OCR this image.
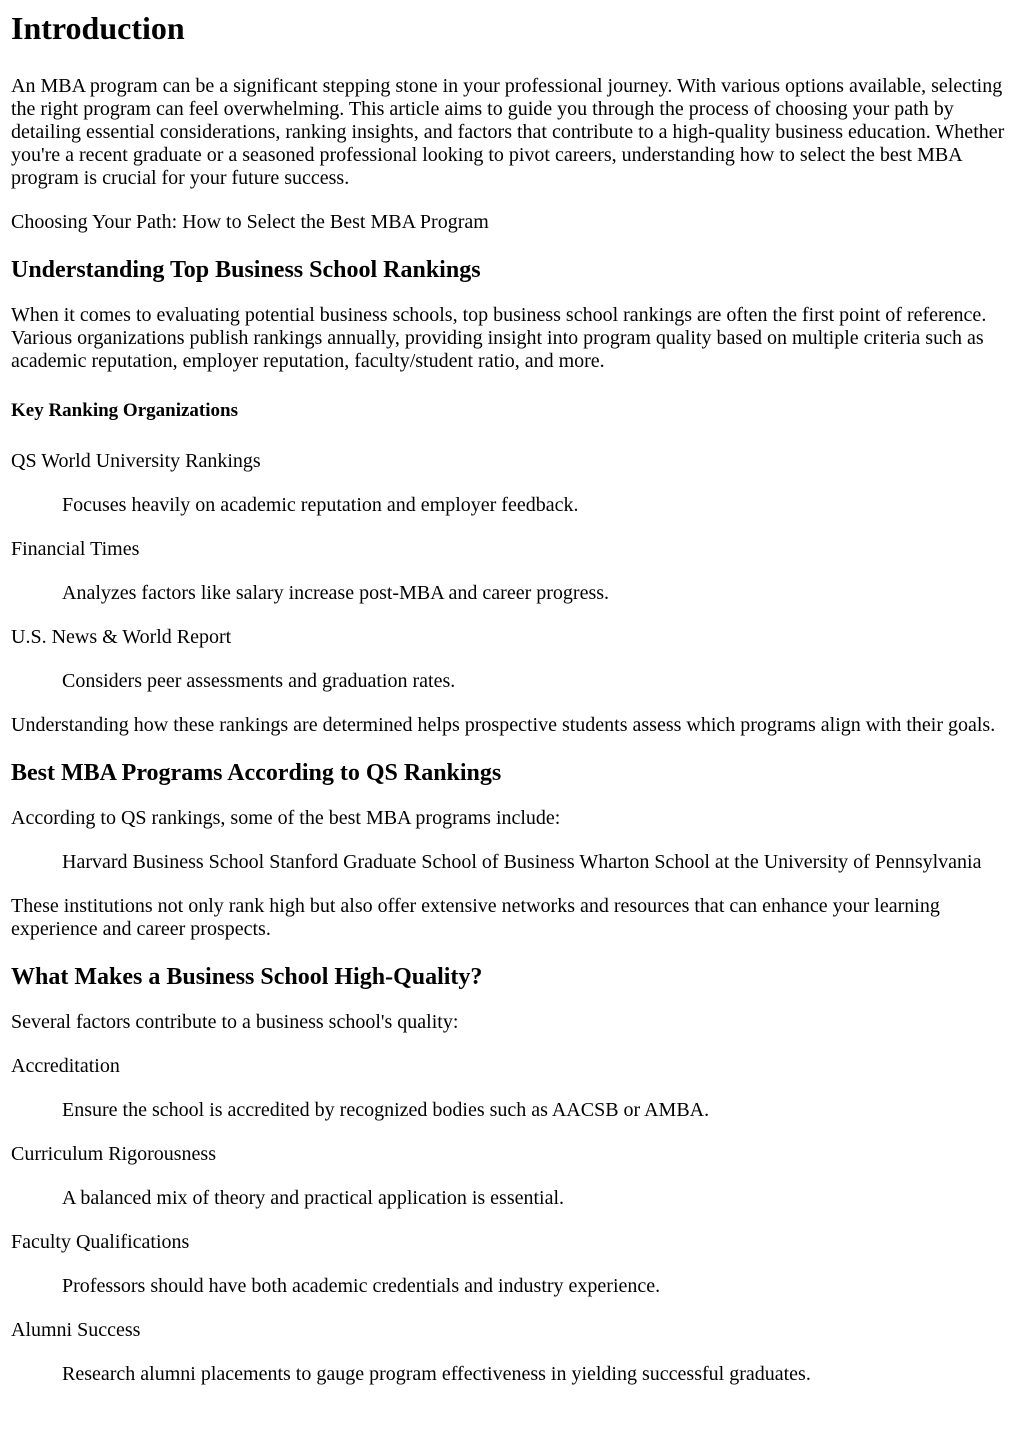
Introduction

An MBA program can be a significant stepping stone in your professional journey. With various options available, selecting the right program can feel overwhelming. This article aims to guide you through the process of choosing your path by detailing essential considerations, ranking insights, and factors that contribute to a high-quality business education. Whether you're a recent graduate or a seasoned professional looking to pivot careers, understanding how to select the best MBA program is crucial for your future success.

Choosing Your Path: How to Select the Best MBA Program

Understanding Top Business School Rankings

When it comes to evaluating potential business schools, top business school rankings are often the first point of reference. Various organizations publish rankings annually, providing insight into program quality based on multiple criteria such as academic reputation, employer reputation, faculty/student ratio, and more.

Key Ranking Organizations
QS World University Rankings
Focuses heavily on academic reputation and employer feedback.
Financial Times
Analyzes factors like salary increase post-MBA and career progress.
U.S. News & World Report
Considers peer assessments and graduation rates.

Understanding how these rankings are determined helps prospective students assess which programs align with their goals.

Best MBA Programs According to QS Rankings

According to QS rankings, some of the best MBA programs include:

Harvard Business School Stanford Graduate School of Business Wharton School at the University of Pennsylvania

These institutions not only rank high but also offer extensive networks and resources that can enhance your learning experience and career prospects.

What Makes a Business School High-Quality?

Several factors contribute to a business school's quality:

Accreditation
Ensure the school is accredited by recognized bodies such as AACSB or AMBA.
Curriculum Rigorousness
A balanced mix of theory and practical application is essential.
Faculty Qualifications
Professors should have both academic credentials and industry experience.
Alumni Success
Research alumni placements to gauge program effectiveness in yielding successful graduates.
